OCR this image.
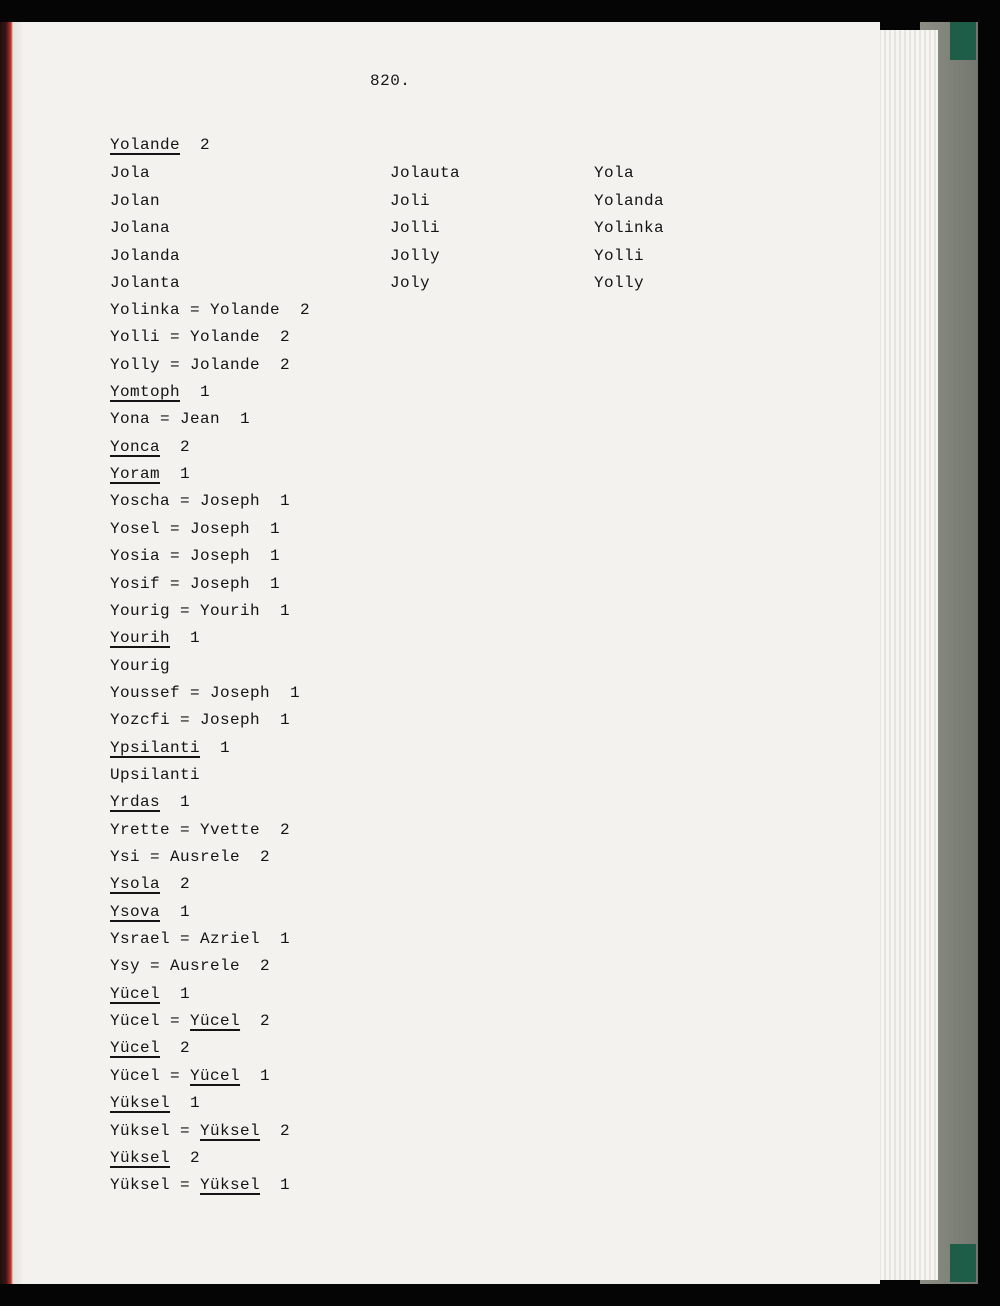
820.
Jola	Jolauta	Yola
Jolan	Joli	Yolanda
Jolana	Jolli	Yolinka
Jolanda	Jolly	Yolli
Jolanta	Joly	Yolly
Yolande 2
Yolinka = Yolande 2
Yolli = Yolande 2
Yolly = Jolande 2
Yomtoph 1
Yona = Jean 1
Yonca 2
Yoram 1
Yoscha = Joseph 1
Yosel = Joseph 1
Yosia = Joseph 1
Yosif = Joseph 1
Yourig = Yourih 1
Yourih 1
Yourig
Youssef = Joseph 1
Yozcfi = Joseph 1
Ypsilanti 1
Upsilanti
Yrdas 1
Yrette = Yvette 2
Ysi = Ausrele 2
Ysola 2
Ysova 1
Ysrael = Azriel 1
Ysy = Ausrele 2
Yücel 1
Yücel = Yücel 2
Yücel 2
Yücel = Yücel 1
Yüksel 1
Yüksel = Yüksel 2
Yüksel 2
Yüksel = Yüksel 1
